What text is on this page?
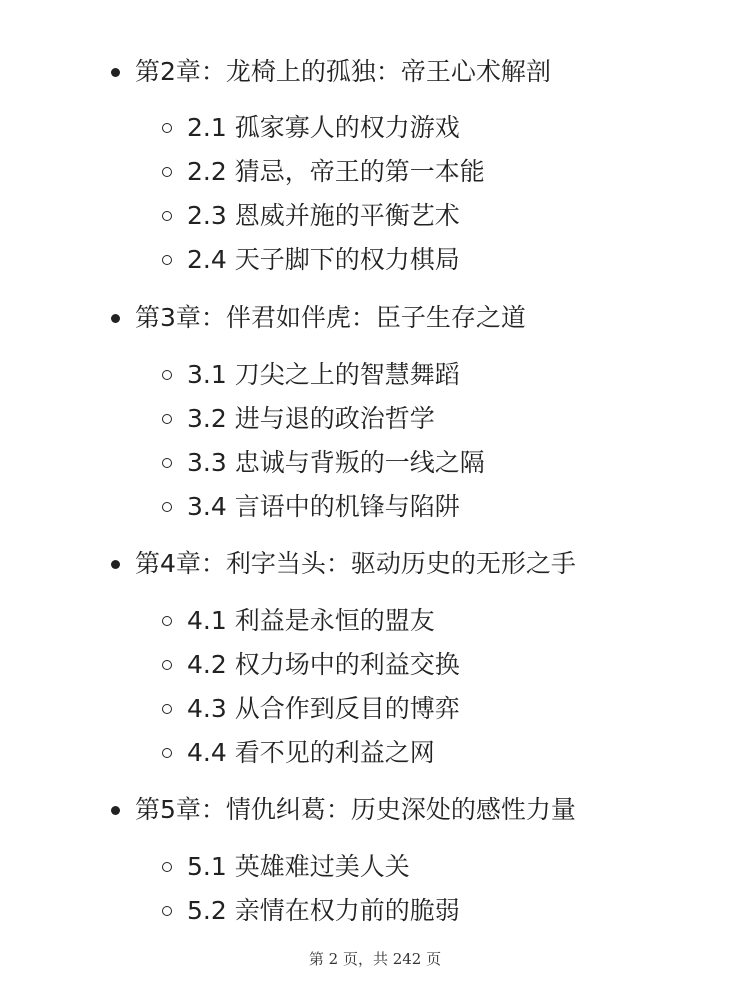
第2章：龙椅上的孤独：帝王心术解剖
2.1 孤家寡人的权力游戏
2.2 猜忌，帝王的第一本能
2.3 恩威并施的平衡艺术
2.4 天子脚下的权力棋局
第3章：伴君如伴虎：臣子生存之道
3.1 刀尖之上的智慧舞蹈
3.2 进与退的政治哲学
3.3 忠诚与背叛的一线之隔
3.4 言语中的机锋与陷阱
第4章：利字当头：驱动历史的无形之手
4.1 利益是永恒的盟友
4.2 权力场中的利益交换
4.3 从合作到反目的博弈
4.4 看不见的利益之网
第5章：情仇纠葛：历史深处的感性力量
5.1 英雄难过美人关
5.2 亲情在权力前的脆弱
第 2 页，共 242 页
